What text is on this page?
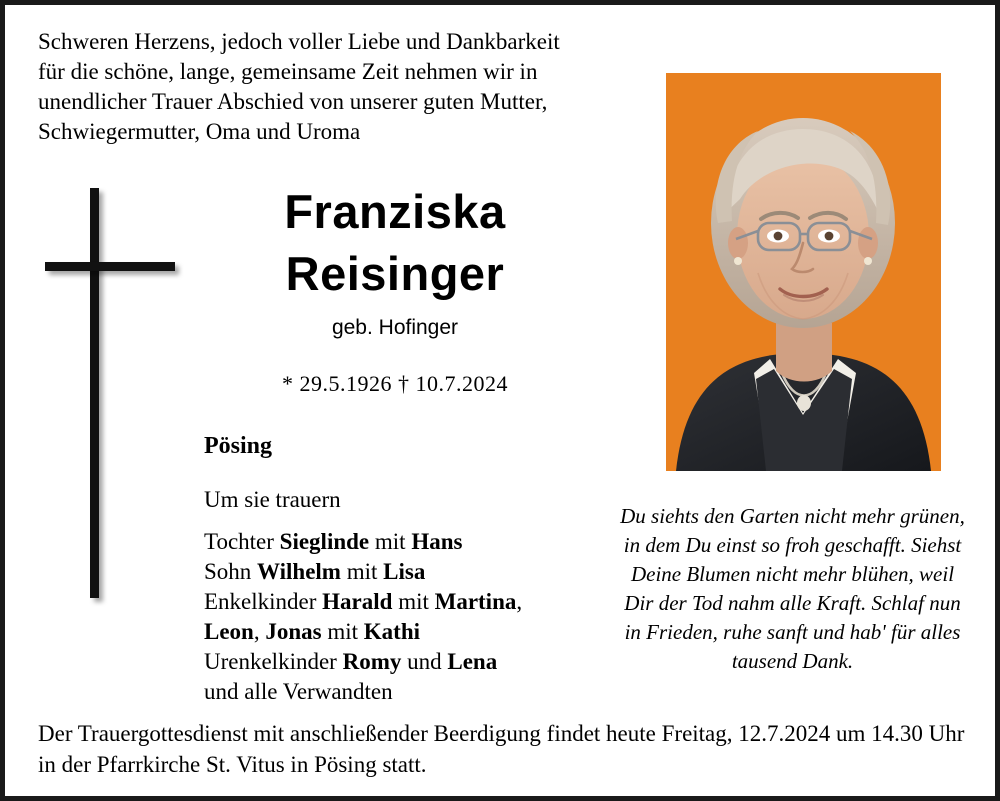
Schweren Herzens, jedoch voller Liebe und Dankbarkeit
für die schöne, lange, gemeinsame Zeit nehmen wir in
unendlicher Trauer Abschied von unserer guten Mutter,
Schwiegermutter, Oma und Uroma
Franziska
Reisinger
geb. Hofinger
* 29.5.1926 † 10.7.2024
Pösing
Um sie trauern
Tochter Sieglinde mit Hans
Sohn Wilhelm mit Lisa
Enkelkinder Harald mit Martina,
Leon, Jonas mit Kathi
Urenkelkinder Romy und Lena
und alle Verwandten
Du siehts den Garten nicht mehr grünen, in dem Du einst so froh geschafft. Siehst Deine Blumen nicht mehr blühen, weil Dir der Tod nahm alle Kraft. Schlaf nun in Frieden, ruhe sanft und hab' für alles tausend Dank.
Der Trauergottesdienst mit anschließender Beerdigung findet heute Freitag, 12.7.2024 um 14.30 Uhr in der Pfarrkirche St. Vitus in Pösing statt.
